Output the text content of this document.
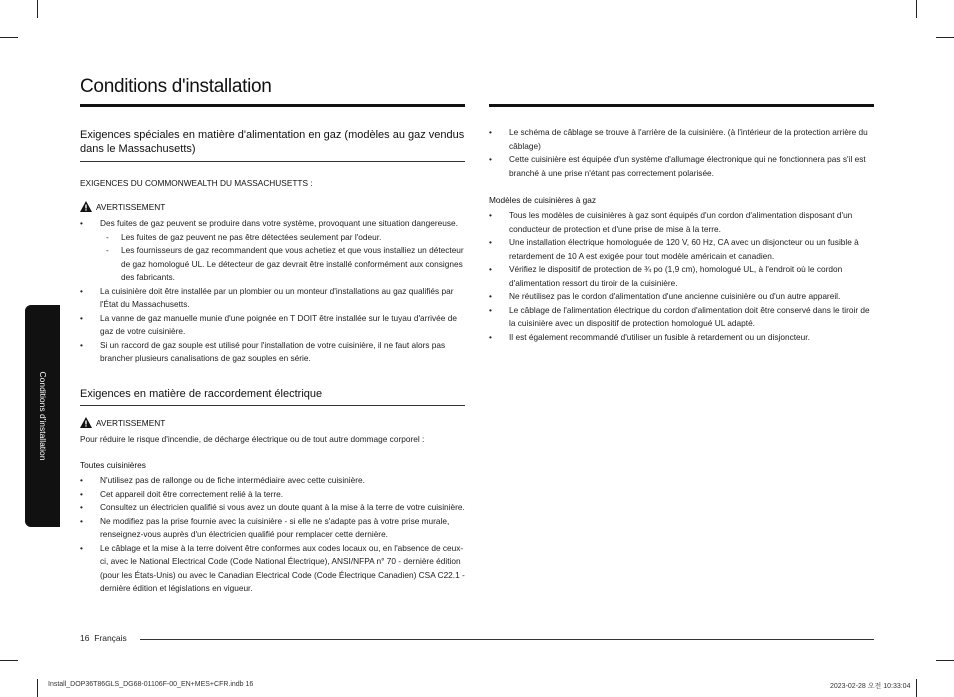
Conditions d'installation
Conditions d'installation
Exigences spéciales en matière d'alimentation en gaz (modèles au gaz vendus dans le Massachusetts)
EXIGENCES DU COMMONWEALTH DU MASSACHUSETTS :
AVERTISSEMENT
• Des fuites de gaz peuvent se produire dans votre système, provoquant une situation dangereuse.
- Les fuites de gaz peuvent ne pas être détectées seulement par l'odeur.
- Les fournisseurs de gaz recommandent que vous achetiez et que vous installiez un détecteur de gaz homologué UL. Le détecteur de gaz devrait être installé conformément aux consignes des fabricants.
• La cuisinière doit être installée par un plombier ou un monteur d'installations au gaz qualifiés par l'État du Massachusetts.
• La vanne de gaz manuelle munie d'une poignée en T DOIT être installée sur le tuyau d'arrivée de gaz de votre cuisinière.
• Si un raccord de gaz souple est utilisé pour l'installation de votre cuisinière, il ne faut alors pas brancher plusieurs canalisations de gaz souples en série.
Exigences en matière de raccordement électrique
AVERTISSEMENT
Pour réduire le risque d'incendie, de décharge électrique ou de tout autre dommage corporel :
Toutes cuisinières
• N'utilisez pas de rallonge ou de fiche intermédiaire avec cette cuisinière.
• Cet appareil doit être correctement relié à la terre.
• Consultez un électricien qualifié si vous avez un doute quant à la mise à la terre de votre cuisinière.
• Ne modifiez pas la prise fournie avec la cuisinière - si elle ne s'adapte pas à votre prise murale, renseignez-vous auprès d'un électricien qualifié pour remplacer cette dernière.
• Le câblage et la mise à la terre doivent être conformes aux codes locaux ou, en l'absence de ceux-ci, avec le National Electrical Code (Code National Électrique), ANSI/NFPA n° 70 - dernière édition (pour les États-Unis) ou avec le Canadian Electrical Code (Code Électrique Canadien) CSA C22.1 - dernière édition et législations en vigueur.
• Le schéma de câblage se trouve à l'arrière de la cuisinière. (à l'intérieur de la protection arrière du câblage)
• Cette cuisinière est équipée d'un système d'allumage électronique qui ne fonctionnera pas s'il est branché à une prise n'étant pas correctement polarisée.
Modèles de cuisinières à gaz
• Tous les modèles de cuisinières à gaz sont équipés d'un cordon d'alimentation disposant d'un conducteur de protection et d'une prise de mise à la terre.
• Une installation électrique homologuée de 120 V, 60 Hz, CA avec un disjoncteur ou un fusible à retardement de 10 A est exigée pour tout modèle américain et canadien.
• Vérifiez le dispositif de protection de ¾ po (1,9 cm), homologué UL, à l'endroit où le cordon d'alimentation ressort du tiroir de la cuisinière.
• Ne réutilisez pas le cordon d'alimentation d'une ancienne cuisinière ou d'un autre appareil.
• Le câblage de l'alimentation électrique du cordon d'alimentation doit être conservé dans le tiroir de la cuisinière avec un dispositif de protection homologué UL adapté.
• Il est également recommandé d'utiliser un fusible à retardement ou un disjoncteur.
16 Français
Install_DOP36T86GLS_DG68-01106F-00_EN+MES+CFR.indb 16	2023-02-28 오전 10:33:04
